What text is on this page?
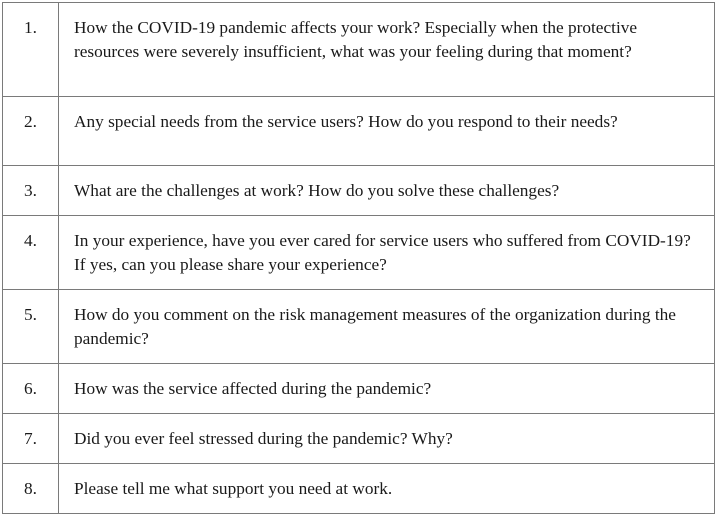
1.	How the COVID-19 pandemic affects your work? Especially when the protective resources were severely insufficient, what was your feeling during that moment?
2.	Any special needs from the service users? How do you respond to their needs?
3.	What are the challenges at work? How do you solve these challenges?
4.	In your experience, have you ever cared for service users who suffered from COVID-19? If yes, can you please share your experience?
5.	How do you comment on the risk management measures of the organization during the pandemic?
6.	How was the service affected during the pandemic?
7.	Did you ever feel stressed during the pandemic? Why?
8.	Please tell me what support you need at work.
